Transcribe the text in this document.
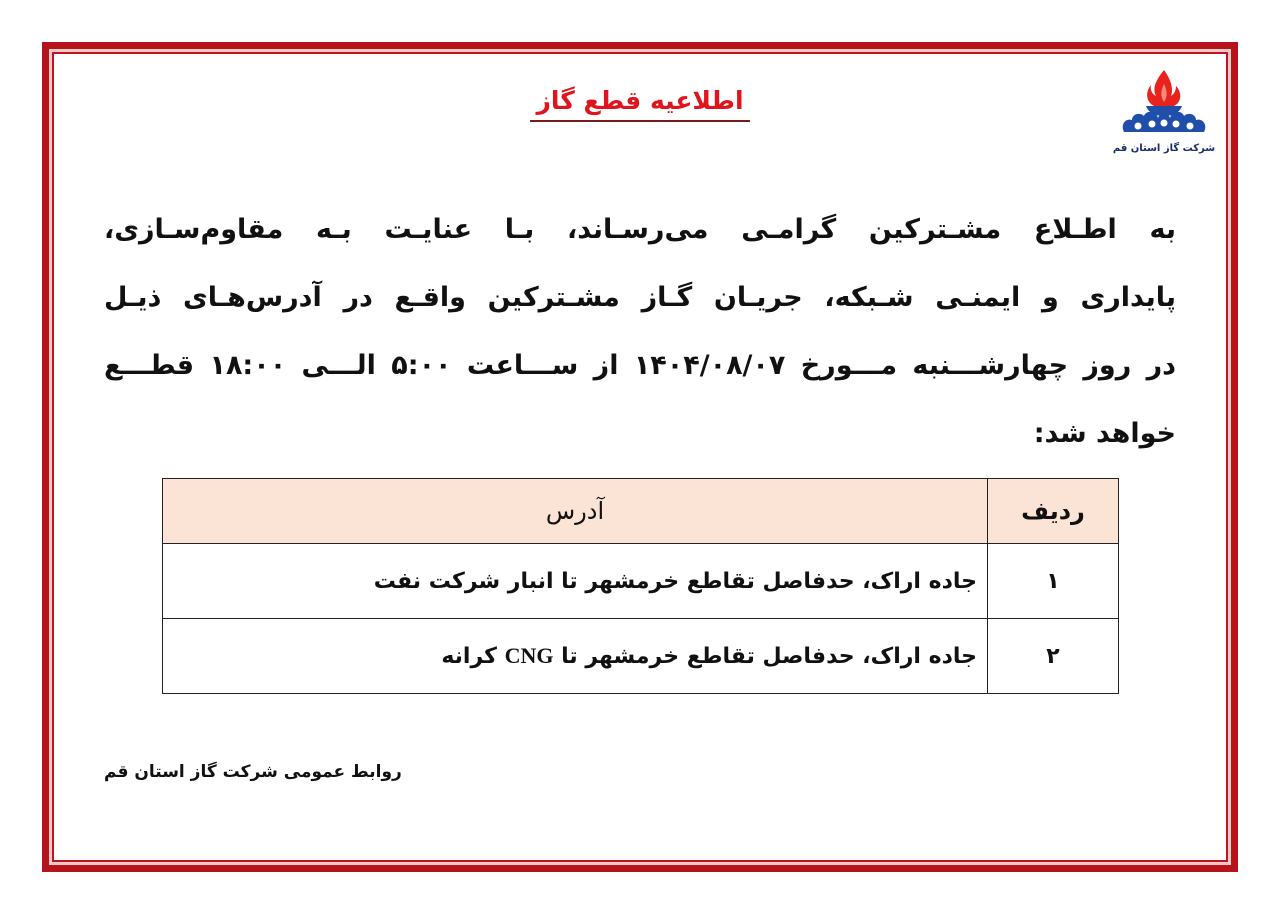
شرکت گاز استان قم
اطلاعیه قطع گاز
به اطـلاع مشـترکین گرامـی می‌رسـاند، بـا عنایـت بـه مقاوم‌سـازی،
پایداری و ایمنـی شـبکه، جریـان گـاز مشـترکین واقـع در آدرس‌هـای ذیـل
در روز چهارشـــنبه مـــورخ ۱۴۰۴/۰۸/۰۷ از ســـاعت ۵:۰۰ الـــی ۱۸:۰۰ قطـــع
خواهد شد:
ردیف	آدرس
۱	جاده اراک، حدفاصل تقاطع خرمشهر تا انبار شرکت نفت
۲	جاده اراک، حدفاصل تقاطع خرمشهر تا CNG کرانه
روابط عمومی شرکت گاز استان قم
